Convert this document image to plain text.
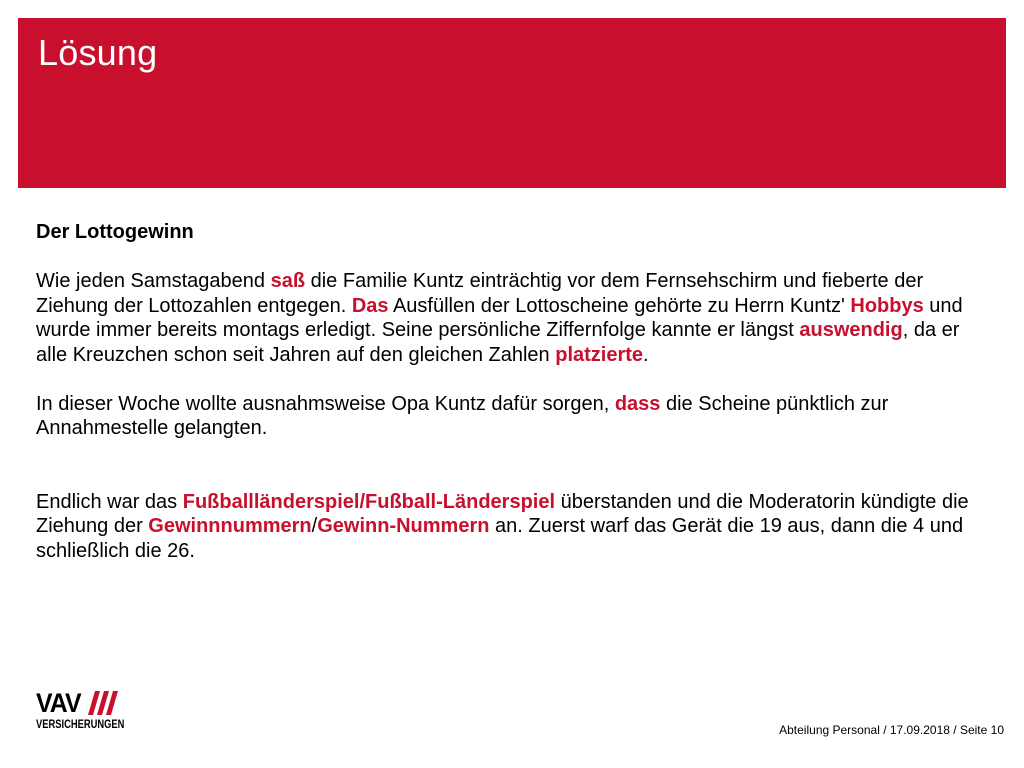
Lösung

Der Lottogewinn

Wie jeden Samstagabend saß die Familie Kuntz einträchtig vor dem Fernsehschirm und fieberte der Ziehung der Lottozahlen entgegen. Das Ausfüllen der Lottoscheine gehörte zu Herrn Kuntz' Hobbys und wurde immer bereits montags erledigt. Seine persönliche Ziffernfolge kannte er längst auswendig, da er alle Kreuzchen schon seit Jahren auf den gleichen Zahlen platzierte.

In dieser Woche wollte ausnahmsweise Opa Kuntz dafür sorgen, dass die Scheine pünktlich zur Annahmestelle gelangten.

Endlich war das Fußballländerspiel/Fußball-Länderspiel überstanden und die Moderatorin kündigte die Ziehung der Gewinnnummern/Gewinn-Nummern an. Zuerst warf das Gerät die 19 aus, dann die 4 und schließlich die 26.

VAV
VERSICHERUNGEN	Abteilung Personal / 17.09.2018 / Seite 10
